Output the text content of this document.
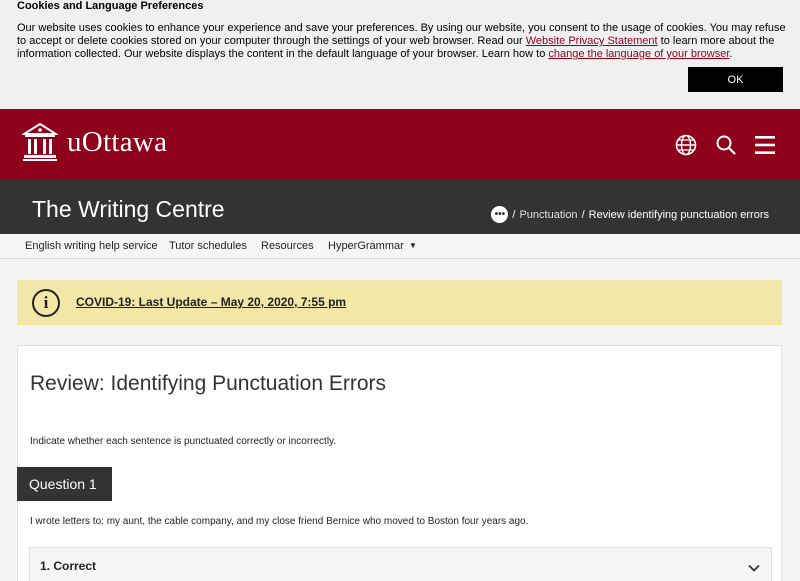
Cookies and Language Preferences
Our website uses cookies to enhance your experience and save your preferences. By using our website, you consent to the usage of cookies. You may refuse to accept or delete cookies stored on your computer through the settings of your web browser. Read our Website Privacy Statement to learn more about the information collected. Our website displays the content in the default language of your browser. Learn how to change the language of your browser.
OK
uOttawa
The Writing Centre	••• / Punctuation / Review identifying punctuation errors
English writing help service Tutor schedules Resources HyperGrammar ▼
i	COVID-19: Last Update – May 20, 2020, 7:55 pm
Review: Identifying Punctuation Errors

Indicate whether each sentence is punctuated correctly or incorrectly.

Question 1

I wrote letters to: my aunt, the cable company, and my close friend Bernice who moved to Boston four years ago.

1. Correct
